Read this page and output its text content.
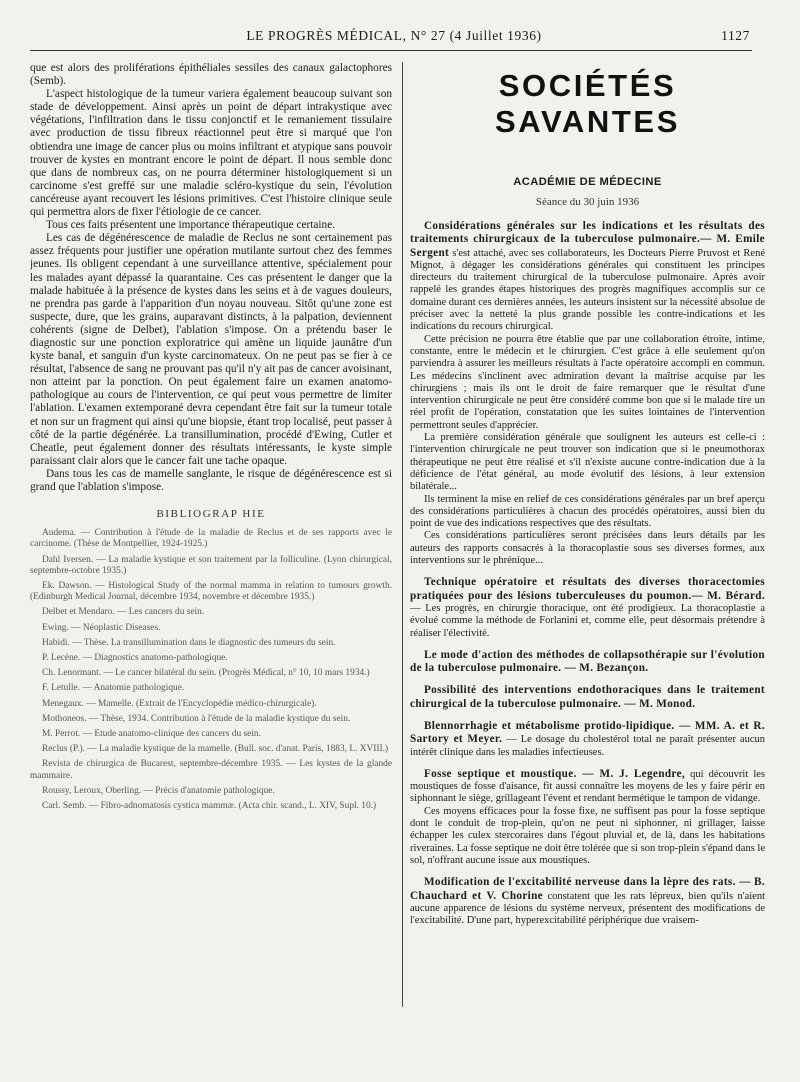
LE PROGRÈS MÉDICAL, N° 27 (4 Juillet 1936)	1127

que est alors des proliférations épithéliales sessiles des canaux galactophores (Semb).

L'aspect histologique de la tumeur variera également beaucoup suivant son stade de développement. Ainsi après un point de départ intrakystique avec végétations, l'infiltration dans le tissu conjonctif et le remaniement tissulaire avec production de tissu fibreux réactionnel peut être si marqué que l'on obtiendra une image de cancer plus ou moins infiltrant et atypique sans pouvoir trouver de kystes en montrant encore le point de départ. Il nous semble donc que dans de nombreux cas, on ne pourra déterminer histologiquement si un carcinome s'est greffé sur une maladie scléro-kystique du sein, l'évolution cancéreuse ayant recouvert les lésions primitives. C'est l'histoire clinique seule qui permettra alors de fixer l'étiologie de ce cancer.

Tous ces faits présentent une importance thérapeutique certaine.

Les cas de dégénérescence de maladie de Reclus ne sont certainement pas assez fréquents pour justifier une opération mutilante surtout chez des femmes jeunes. Ils obligent cependant à une surveillance attentive, spécialement pour les malades ayant dépassé la quarantaine. Ces cas présentent le danger que la malade habituée à la présence de kystes dans les seins et à de vagues douleurs, ne prendra pas garde à l'apparition d'un noyau nouveau. Sitôt qu'une zone est suspecte, dure, que les grains, auparavant distincts, à la palpation, deviennent cohérents (signe de Delbet), l'ablation s'impose. On a prétendu baser le diagnostic sur une ponction exploratrice qui amène un liquide jaunâtre d'un kyste banal, et sanguin d'un kyste carcinomateux. On ne peut pas se fier à ce résultat, l'absence de sang ne prouvant pas qu'il n'y ait pas de cancer avoisinant, non atteint par la ponction. On peut également faire un examen anatomo-pathologique au cours de l'intervention, ce qui peut vous permettre de limiter l'ablation. L'examen extemporané devra cependant être fait sur la tumeur totale et non sur un fragment qui ainsi qu'une biopsie, étant trop localisé, peut passer à côté de la partie dégénérée. La transillumination, procédé d'Ewing, Cutler et Cheatle, peut également donner des résultats intéressants, le kyste simple paraissant clair alors que le cancer fait une tache opaque.

Dans tous les cas de mamelle sanglante, le risque de dégénérescence est si grand que l'ablation s'impose.

BIBLIOGRAP HIE

Audema. — Contribution à l'étude de la maladie de Reclus et de ses rapports avec le carcinome. (Thèse de Montpellier, 1924-1925.)

Dahl Iversen. — La maladie kystique et son traitement par la folliculine. (Lyon chirurgical, septembre-octobre 1935.)

Ek. Dawson. — Histological Study of the normal mamma in relation to tumours growth. (Edinburgh Medical Journal, décembre 1934, novembre et décembre 1935.)

Delbet et Mendaro. — Les cancers du sein.

Ewing. — Néoplastic Diseases.

Habidi. — Thèse. La transillumination dans le diagnostic des tumeurs du sein.

P. Lecène. — Diagnostics anatomo-pathologique.

Ch. Lenormant. — Le cancer bilatéral du sein. (Progrès Médical, n° 10, 10 mars 1934.)

F. Letulle. — Anatomie pathologique.

Menegaux. — Mamelle. (Extrait de l'Encyclopédie médico-chirurgicale).

Mothoneos. — Thèse, 1934. Contribution à l'étude de la maladie kystique du sein.

M. Perrot. — Etude anatomo-clinique des cancers du sein.

Reclus (P.). — La maladie kystique de la mamelle. (Bull. soc. d'anat. Paris, 1883, L. XVIII.)

Revista de chirurgica de Bucarest, septembre-décembre 1935. — Les kystes de la glande mammaire.

Roussy, Leroux, Oberling. — Précis d'anatomie pathologique.

Carl. Semb. — Fibro-adnomatosis cystica mammæ. (Acta chir. scand., L. XIV, Supl. 10.)

SOCIÉTÉS SAVANTES
ACADÉMIE DE MÉDECINE
Séance du 30 juin 1936

Considérations générales sur les indications et les résultats des traitements chirurgicaux de la tuberculose pulmonaire.— M. Emile Sergent s'est attaché, avec ses collaborateurs, les Docteurs Pierre Pruvost et René Mignot, à dégager les considérations générales qui constituent les principes directeurs du traitement chirurgical de la tuberculose pulmonaire. Après avoir rappelé les grandes étapes historiques des progrès magnifiques accomplis sur ce domaine durant ces dernières années, les auteurs insistent sur la nécessité absolue de préciser avec la netteté la plus grande possible les contre-indications et les indications du recours chirurgical.

Cette précision ne pourra être établie que par une collaboration étroite, intime, constante, entre le médecin et le chirurgien. C'est grâce à elle seulement qu'on parviendra à assurer les meilleurs résultats à l'acte opératoire accompli en commun. Les médecins s'inclinent avec admiration devant la maîtrise acquise par les chirurgiens ; mais ils ont le droit de faire remarquer que le résultat d'une intervention chirurgicale ne peut être considéré comme bon que si le malade tire un réel profit de l'opération, constatation que les suites lointaines de l'intervention permettront seules d'apprécier.

La première considération générale que soulignent les auteurs est celle-ci : l'intervention chirurgicale ne peut trouver son indication que si le pneumothorax thérapeutique ne peut être réalisé et s'il n'existe aucune contre-indication due à la déficience de l'état général, au mode évolutif des lésions, à leur extension bilatérale...

Ils terminent la mise en relief de ces considérations générales par un bref aperçu des considérations particulières à chacun des procédés opératoires, aussi bien du point de vue des indications respectives que des résultats.

Ces considérations particulières seront précisées dans leurs détails par les auteurs des rapports consacrés à la thoracoplastie sous ses diverses formes, aux interventions sur le phrénique...

Technique opératoire et résultats des diverses thoracectomies pratiquées pour des lésions tuberculeuses du poumon.— M. Bérard. — Les progrès, en chirurgie thoracique, ont été prodigieux. La thoracoplastie a évolué comme la méthode de Forlanini et, comme elle, peut désormais prétendre à réaliser l'électivité.

Le mode d'action des méthodes de collapsothérapie sur l'évolution de la tuberculose pulmonaire. — M. Bezançon.

Possibilité des interventions endothoraciques dans le traitement chirurgical de la tuberculose pulmonaire. — M. Monod.

Blennorrhagie et métabolisme protido-lipidique. — MM. A. et R. Sartory et Meyer. — Le dosage du cholestérol total ne paraît présenter aucun intérêt clinique dans les maladies infectieuses.

Fosse septique et moustique. — M. J. Legendre, qui découvrit les moustiques de fosse d'aisance, fit aussi connaître les moyens de les y faire périr en siphonnant le siège, grillageant l'évent et rendant hermétique le tampon de vidange.

Ces moyens efficaces pour la fosse fixe, ne suffisent pas pour la fosse septique dont le conduit de trop-plein, qu'on ne peut ni siphonner, ni grillager, laisse échapper les culex stercoraires dans l'égout pluvial et, de là, dans les habitations riveraines. La fosse septique ne doit être tolérée que si son trop-plein s'épand dans le sol, n'offrant aucune issue aux moustiques.

Modification de l'excitabilité nerveuse dans la lèpre des rats. — B. Chauchard et V. Chorine constatent que les rats lépreux, bien qu'ils n'aient aucune apparence de lésions du système nerveux, présentent des modifications de l'excitabilité. D'une part, hyperexcitabilité périphérique due vraisem-
